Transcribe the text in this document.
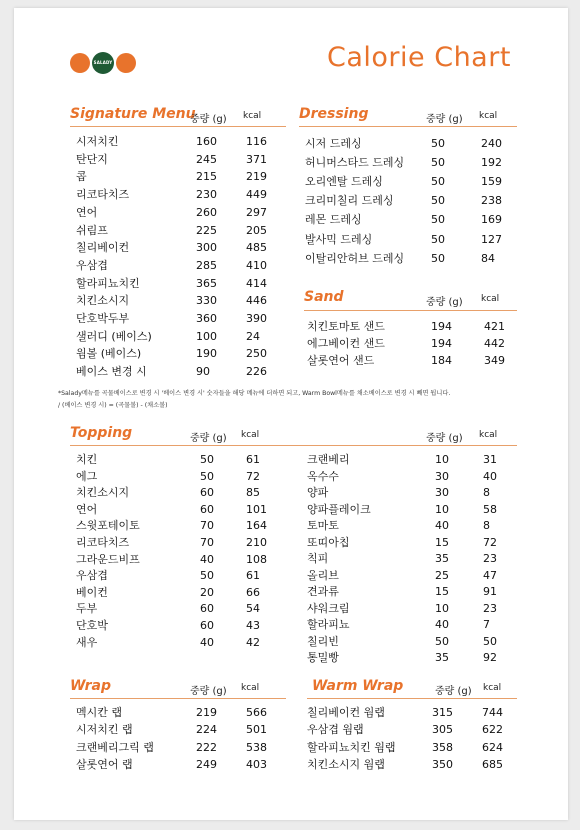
SALADY	Calorie Chart
Signature Menu
중량 (g) kcal
시저치킨	160	116
탄단지	245	371
콥	215	219
리코타치즈	230	449
연어	260	297
쉬림프	225	205
칠리베이컨	300	485
우삼겹	285	410
할라피뇨치킨	365	414
치킨소시지	330	446
단호박두부	360	390
샐러디 (베이스)	100	24
웜볼 (베이스)	190	250
베이스 변경 시	90	226
Dressing	중량 (g) kcal
시저 드레싱	50	240
허니머스타드 드레싱 50	192
오리엔탈 드레싱	50	159
크리미칠리 드레싱	50	238
레몬 드레싱	50	169
발사믹 드레싱	50	127
이탈리안허브 드레싱 50	84
Sand	중량 (g) kcal
치킨토마토 샌드	194	421
에그베이컨 샌드	194	442
살롯연어 샌드	184	349
*Salady메뉴를 곡물베이스로 변경 시 '베이스 변경 시' 숫자들을 해당 메뉴에 더하면 되고, Warm Bowl메뉴를 채소베이스로 변경 시 빼면 됩니다.
/ (베이스 변경 시) = (곡물볼) - (채소볼)
Topping	중량 (g) kcal	중량 (g) kcal
치킨	50	61
에그	50	72
치킨소시지	60	85
연어	60	101
스윗포테이토	70	164
리코타치즈	70	210
그라운드비프	40	108
우삼겹	50	61
베이컨	20	66
두부	60	54
단호박	60	43
새우	40	42
크랜베리	10	31
옥수수	30	40
양파	30	8
양파플레이크	10	58
토마토	40	8
또띠아칩	15	72
칙피	35	23
올리브	25	47
견과류	15	91
샤워크림	10	23
할라피뇨	40	7
칠리빈	50	50
통밀빵	35	92
Wrap	중량 (g) kcal
멕시칸 랩	219	566
시저치킨 랩	224	501
크랜베리그릭 랩	222	538
살롯연어 랩	249	403
Warm Wrap	중량 (g) kcal
칠리베이컨 웜랩	315	744
우삼겹 웜랩	305	622
할라피뇨치킨 웜랩	358	624
치킨소시지 웜랩	350	685
